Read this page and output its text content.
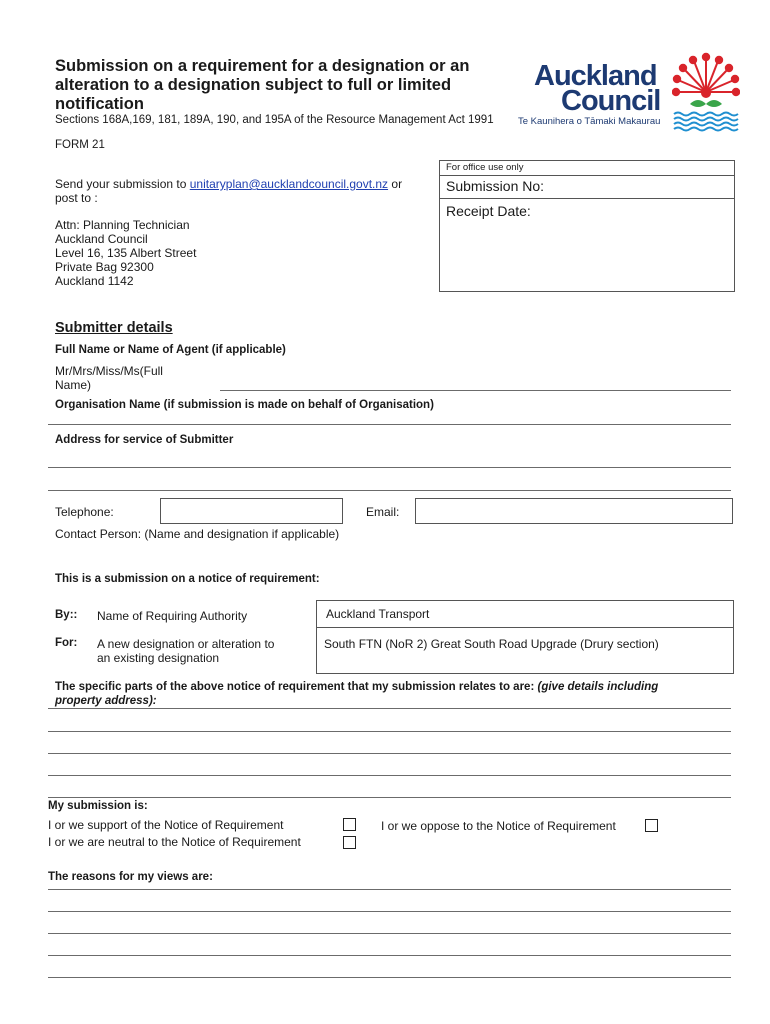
Submission on a requirement for a designation or an alteration to a designation subject to full or limited notification
Sections 168A,169, 181, 189A, 190, and 195A of the Resource Management Act 1991
FORM 21
Auckland
Council
Te Kaunihera o Tāmaki Makaurau
Send your submission to unitaryplan@aucklandcouncil.govt.nz or
post to :
Attn: Planning Technician
Auckland Council
Level 16, 135 Albert Street
Private Bag 92300
Auckland 1142
For office use only
Submission No:
Receipt Date:
Submitter details
Full Name or Name of Agent (if applicable)
Mr/Mrs/Miss/Ms(Full
Name)
Organisation Name (if submission is made on behalf of Organisation)
Address for service of Submitter
Telephone:	Email:
Contact Person: (Name and designation if applicable)
This is a submission on a notice of requirement:
By:: Name of Requiring Authority	Auckland Transport
For: A new designation or alteration to
an existing designation
South FTN (NoR 2) Great South Road Upgrade (Drury section)
The specific parts of the above notice of requirement that my submission relates to are: (give details including
property address):
My submission is:
I or we support of the Notice of Requirement
I or we are neutral to the Notice of Requirement
I or we oppose to the Notice of Requirement
The reasons for my views are:
